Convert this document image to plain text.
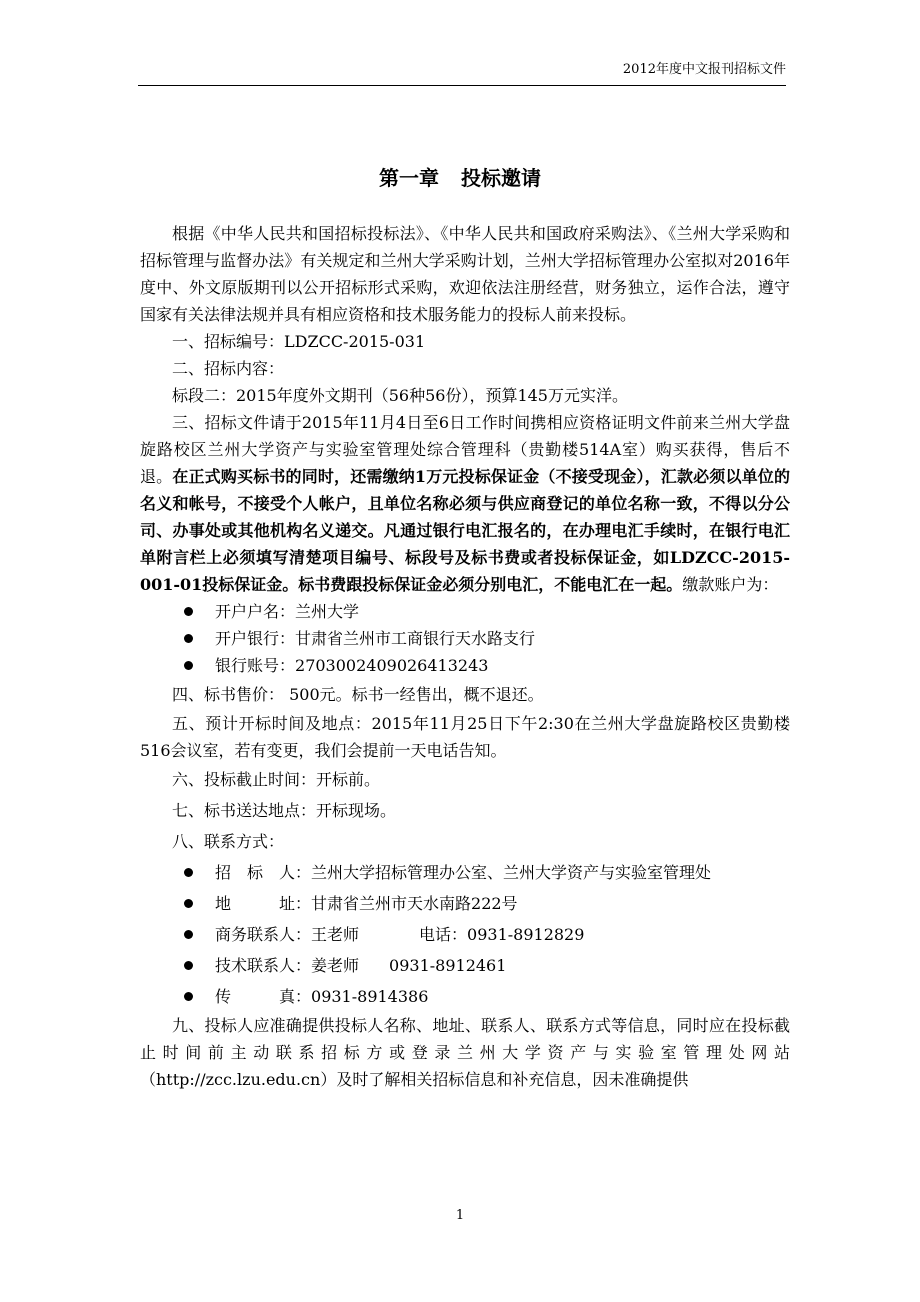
2012年度中文报刊招标文件
第一章 投标邀请

根据《中华人民共和国招标投标法》、《中华人民共和国政府采购法》、《兰州大学采购和招标管理与监督办法》有关规定和兰州大学采购计划，兰州大学招标管理办公室拟对2016年度中、外文原版期刊以公开招标形式采购，欢迎依法注册经营，财务独立，运作合法，遵守国家有关法律法规并具有相应资格和技术服务能力的投标人前来投标。

一、招标编号：LDZCC-2015-031

二、招标内容：

标段二：2015年度外文期刊（56种56份），预算145万元实洋。

三、招标文件请于2015年11月4日至6日工作时间携相应资格证明文件前来兰州大学盘旋路校区兰州大学资产与实验室管理处综合管理科（贵勤楼514A室）购买获得，售后不退。在正式购买标书的同时，还需缴纳1万元投标保证金（不接受现金），汇款必须以单位的名义和帐号，不接受个人帐户，且单位名称必须与供应商登记的单位名称一致，不得以分公司、办事处或其他机构名义递交。凡通过银行电汇报名的，在办理电汇手续时，在银行电汇单附言栏上必须填写清楚项目编号、标段号及标书费或者投标保证金，如LDZCC-2015-001-01投标保证金。标书费跟投标保证金必须分别电汇，不能电汇在一起。缴款账户为：

开户户名： 兰州大学

开户银行： 甘肃省兰州市工商银行天水路支行

银行账号： 2703002409026413243

四、标书售价： 500元。标书一经售出，概不退还。

五、预计开标时间及地点：2015年11月25日下午2:30在兰州大学盘旋路校区贵勤楼516会议室，若有变更，我们会提前一天电话告知。

六、投标截止时间：开标前。

七、标书送达地点：开标现场。

八、联系方式：

招　标　人： 兰州大学招标管理办公室、兰州大学资产与实验室管理处

地　　　址： 甘肃省兰州市天水南路222号

商务联系人： 王老师	电话：0931-8912829

技术联系人： 姜老师 0931-8912461

传　　　真： 0931-8914386

九、投标人应准确提供投标人名称、地址、联系人、联系方式等信息，同时应在投标截止时间前主动联系招标方或登录兰州大学资产与实验室管理处网站（http://zcc.lzu.edu.cn）及时了解相关招标信息和补充信息，因未准确提供

1
